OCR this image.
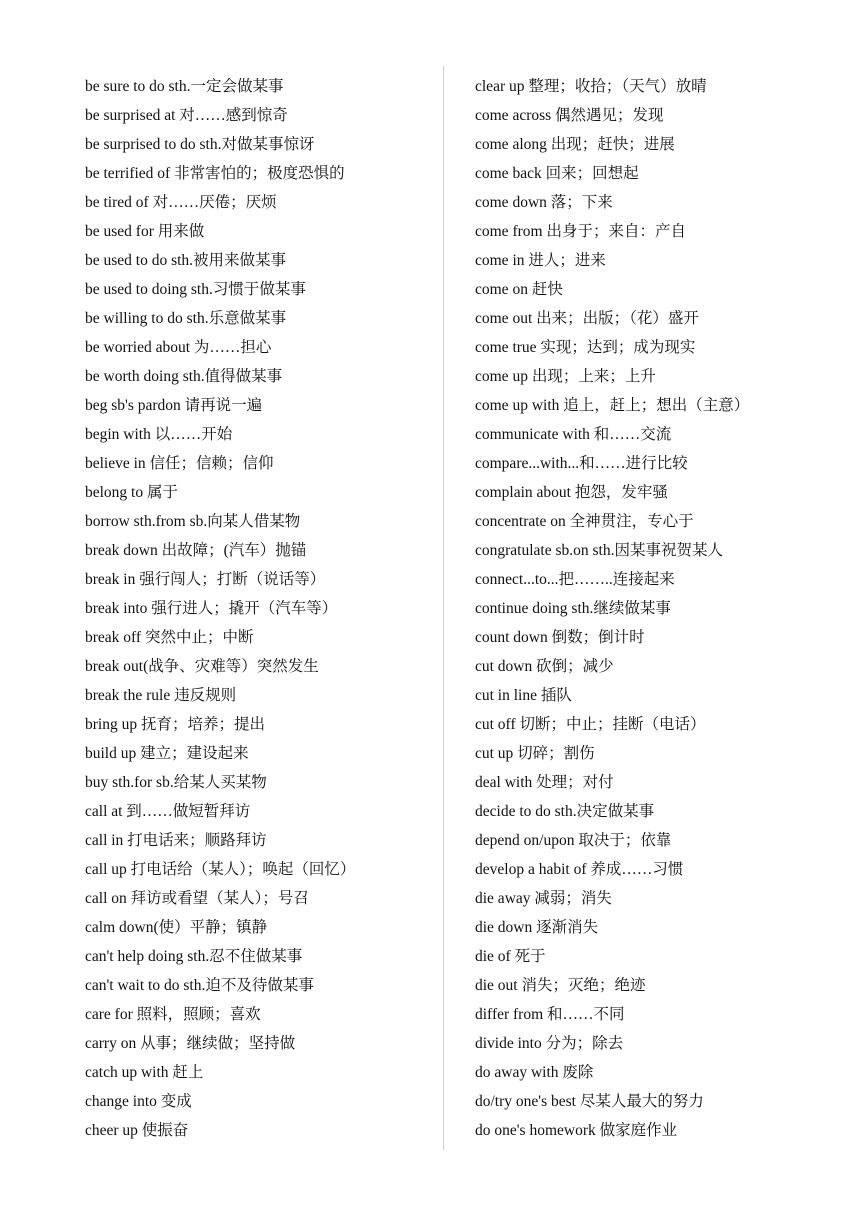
be sure to do sth.一定会做某事
be surprised at 对……感到惊奇
be surprised to do sth.对做某事惊讶
be terrified of 非常害怕的；极度恐惧的
be tired of 对……厌倦；厌烦
be used for 用来做
be used to do sth.被用来做某事
be used to doing sth.习惯于做某事
be willing to do sth.乐意做某事
be worried about 为……担心
be worth doing sth.值得做某事
beg sb's pardon 请再说一遍
begin with 以……开始
believe in 信任；信赖；信仰
belong to 属于
borrow sth.from sb.向某人借某物
break down 出故障；(汽车）抛锚
break in 强行闯人；打断（说话等）
break into 强行进人；撬开（汽车等）
break off 突然中止；中断
break out(战争、灾难等）突然发生
break the rule 违反规则
bring up 抚育；培养；提出
build up 建立；建设起来
buy sth.for sb.给某人买某物
call at 到……做短暂拜访
call in 打电话来；顺路拜访
call up 打电话给（某人）；唤起（回忆）
call on 拜访或看望（某人）；号召
calm down(使）平静；镇静
can't help doing sth.忍不住做某事
can't wait to do sth.迫不及待做某事
care for 照料，照顾；喜欢
carry on 从事；继续做；坚持做
catch up with 赶上
change into 变成
cheer up 使振奋
clear up 整理；收拾；（天气）放晴
come across 偶然遇见；发现
come along 出现；赶快；进展
come back 回来；回想起
come down 落；下来
come from 出身于；来自：产自
come in 进人；进来
come on 赶快
come out 出来；出版；（花）盛开
come true 实现；达到；成为现实
come up 出现；上来；上升
come up with 追上，赶上；想出（主意）
communicate with 和……交流
compare...with...和……进行比较
complain about 抱怨，发牢骚
concentrate on 全神贯注，专心于
congratulate sb.on sth.因某事祝贺某人
connect...to...把……..连接起来
continue doing sth.继续做某事
count down 倒数；倒计时
cut down 砍倒；减少
cut in line 插队
cut off 切断；中止；挂断（电话）
cut up 切碎；割伤
deal with 处理；对付
decide to do sth.决定做某事
depend on/upon 取决于；依靠
develop a habit of 养成……习惯
die away 减弱；消失
die down 逐渐消失
die of 死于
die out 消失；灭绝；绝迹
differ from 和……不同
divide into 分为；除去
do away with 废除
do/try one's best 尽某人最大的努力
do one's homework 做家庭作业
